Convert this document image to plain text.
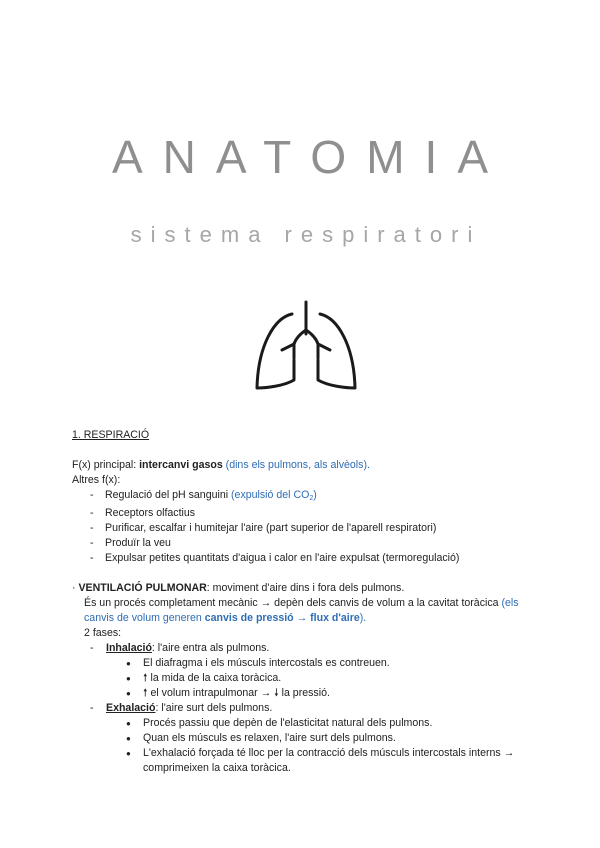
ANATOMIA
sistema respiratori
1. RESPIRACIÓ
F(x) principal: intercanvi gasos (dins els pulmons, als alvèols).
Altres f(x):
- Regulació del pH sanguini (expulsió del $CO_2$)
- Receptors olfactius
- Purificar, escalfar i humitejar l'aire (part superior de l'aparell respiratori)
- Produïr la veu
- Expulsar petites quantitats d'aigua i calor en l'aire expulsat (termoregulació)
· VENTILACIÓ PULMONAR: moviment d'aire dins i fora dels pulmons.
És un procés completament mecànic → depèn dels canvis de volum a la cavitat toràcica (els
canvis de volum generen canvis de pressió → flux d'aire).
2 fases:
- Inhalació: l'aire entra als pulmons.
● El diafragma i els músculs intercostals es contreuen.
● 🠕 la mida de la caixa toràcica.
● 🠕 el volum intrapulmonar → 🠗 la pressió.
- Exhalació: l'aire surt dels pulmons.
● Procés passiu que depèn de l'elasticitat natural dels pulmons.
● Quan els músculs es relaxen, l'aire surt dels pulmons.
● L'exhalació forçada té lloc per la contracció dels músculs intercostals interns →
comprimeixen la caixa toràcica.
